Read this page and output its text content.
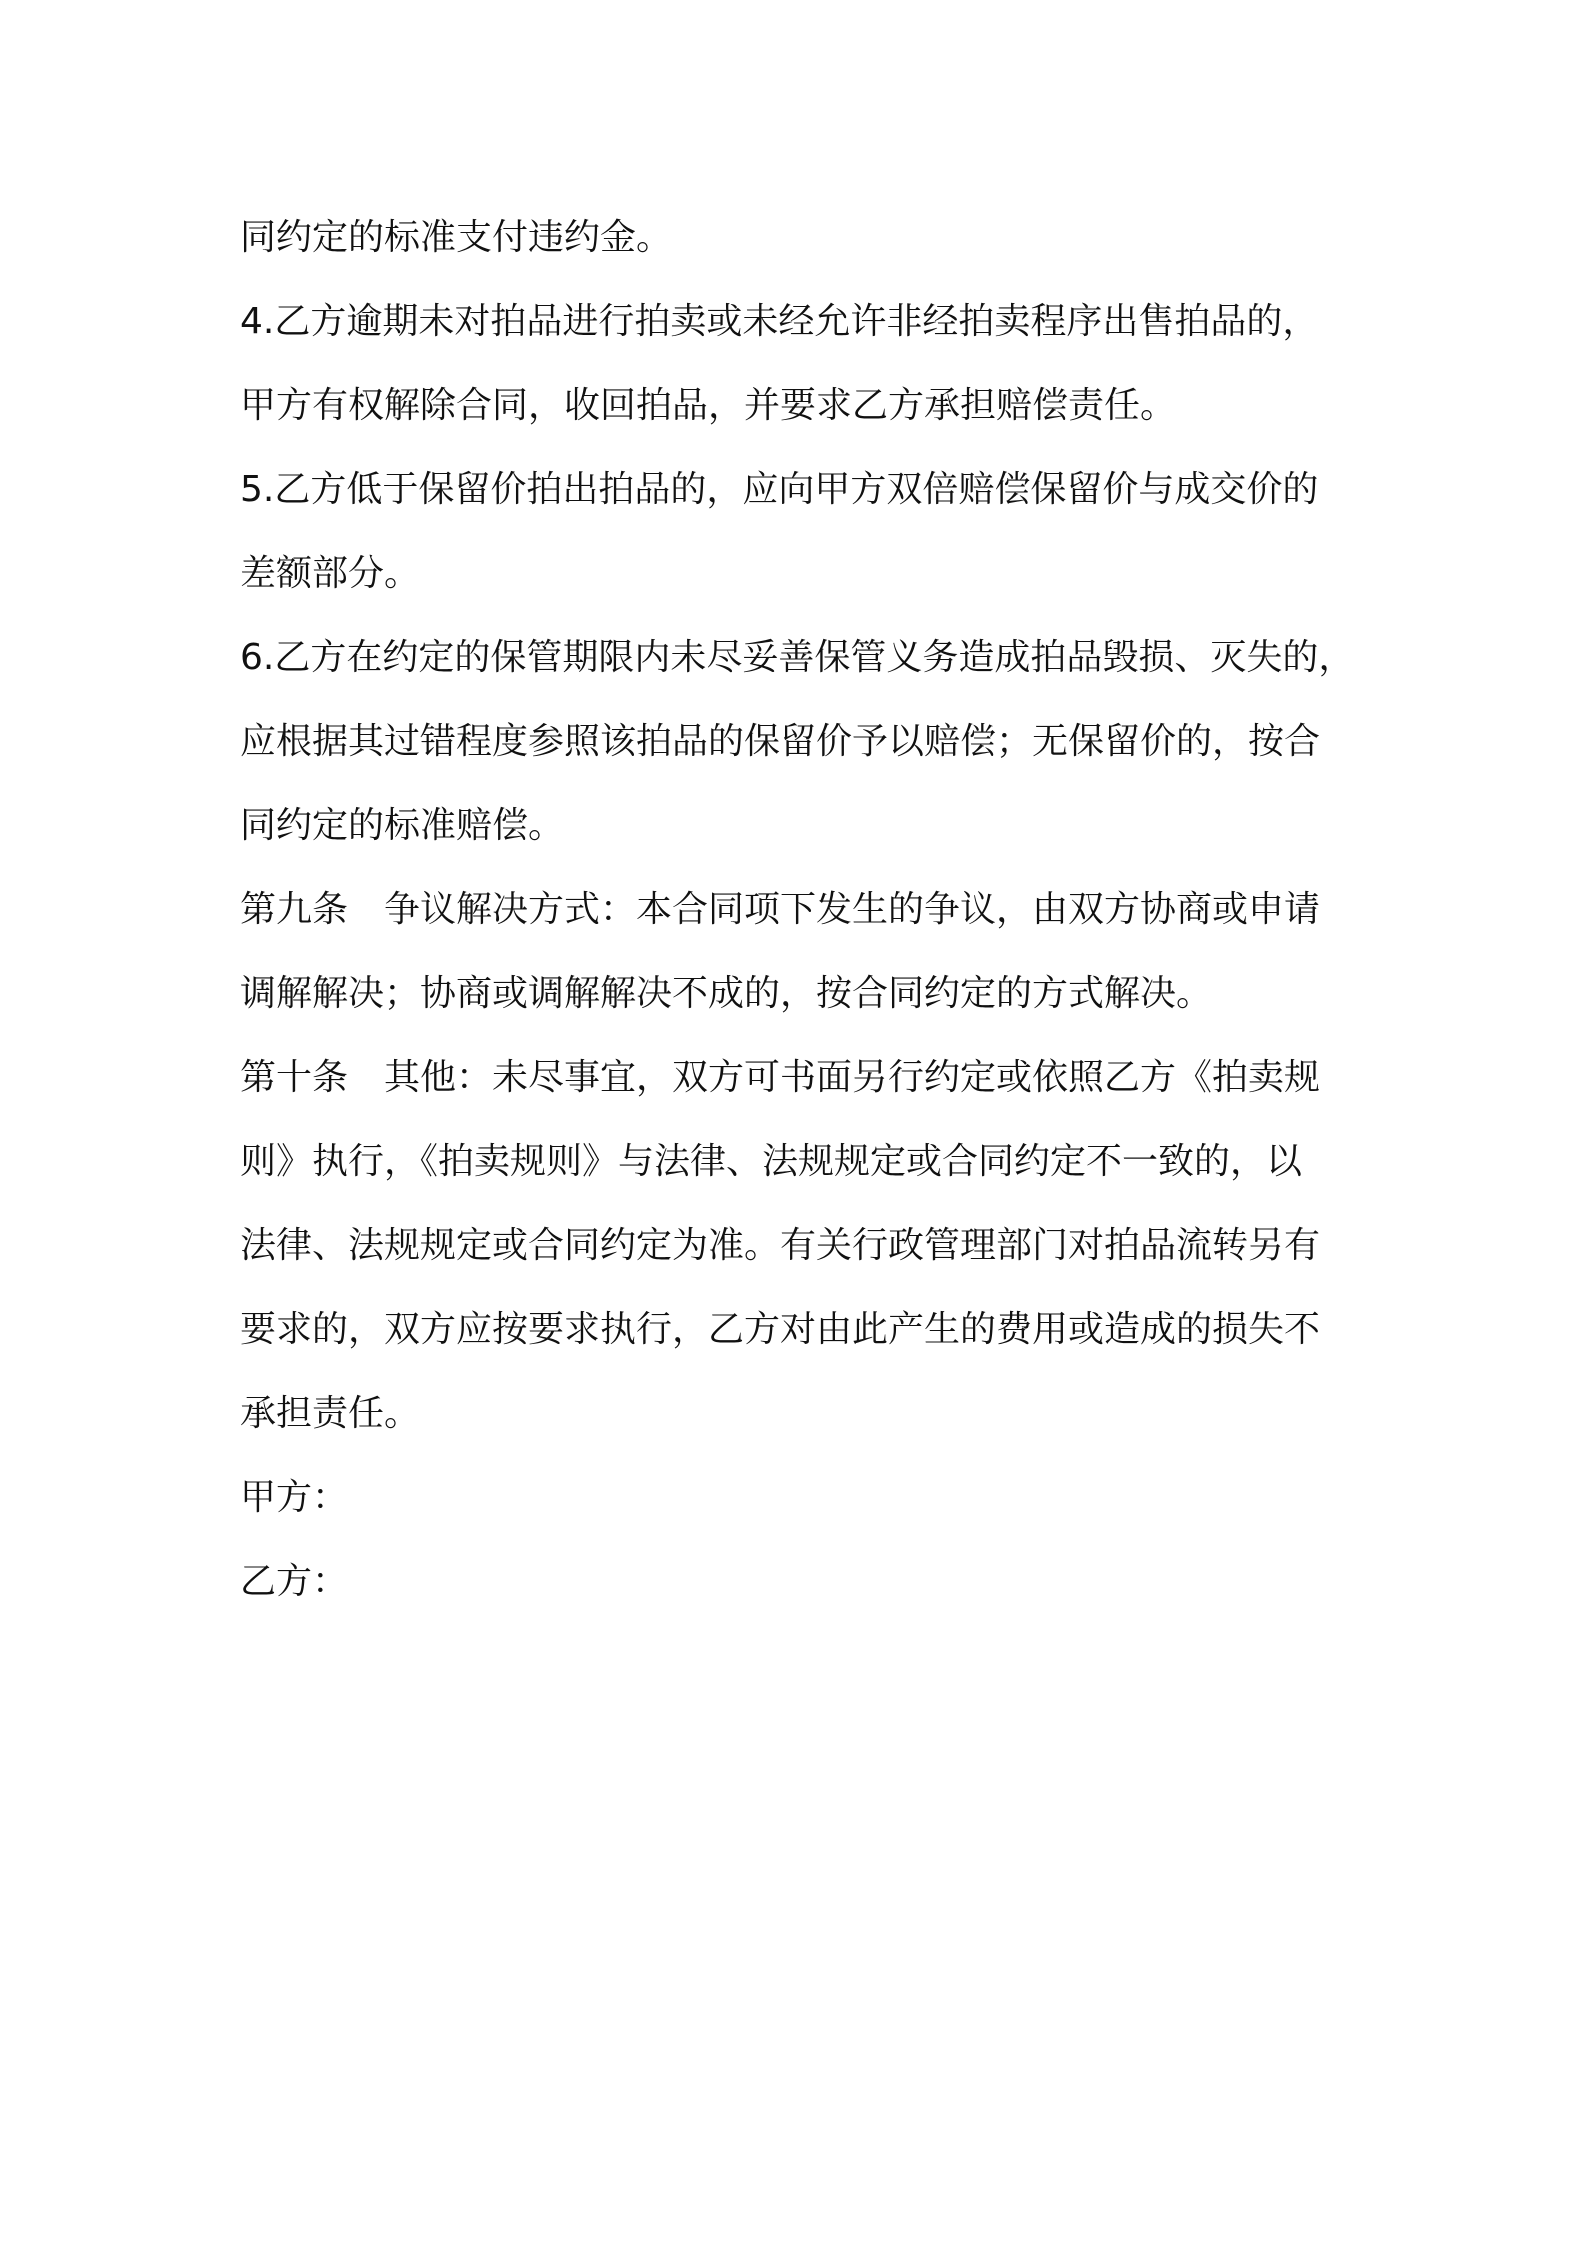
同约定的标准支付违约金。
4.乙方逾期未对拍品进行拍卖或未经允许非经拍卖程序出售拍品的，
甲方有权解除合同，收回拍品，并要求乙方承担赔偿责任。
5.乙方低于保留价拍出拍品的，应向甲方双倍赔偿保留价与成交价的
差额部分。
6.乙方在约定的保管期限内未尽妥善保管义务造成拍品毁损、灭失的，
应根据其过错程度参照该拍品的保留价予以赔偿；无保留价的，按合
同约定的标准赔偿。
第九条　争议解决方式：本合同项下发生的争议，由双方协商或申请
调解解决；协商或调解解决不成的，按合同约定的方式解决。
第十条　其他：未尽事宜，双方可书面另行约定或依照乙方《拍卖规
则》执行，《拍卖规则》与法律、法规规定或合同约定不一致的，以
法律、法规规定或合同约定为准。有关行政管理部门对拍品流转另有
要求的，双方应按要求执行，乙方对由此产生的费用或造成的损失不
承担责任。
甲方：
乙方：
